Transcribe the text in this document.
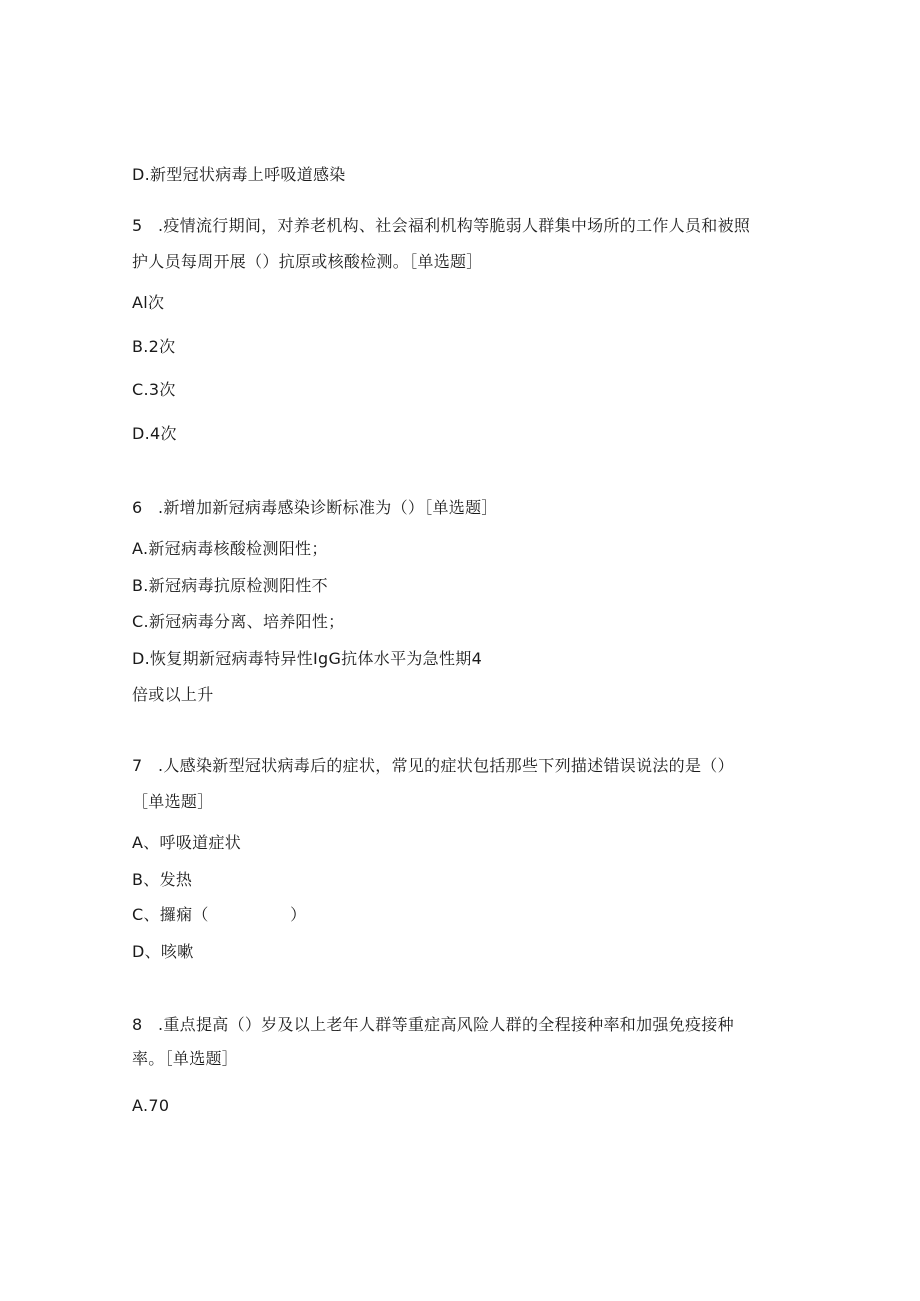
D.新型冠状病毒上呼吸道感染
5 .疫情流行期间，对养老机构、社会福利机构等脆弱人群集中场所的工作人员和被照
护人员每周开展（）抗原或核酸检测。［单选题］
Al次
B.2次
C.3次
D.4次
6 .新增加新冠病毒感染诊断标准为（）［单选题］
A.新冠病毒核酸检测阳性；
B.新冠病毒抗原检测阳性不
C.新冠病毒分离、培养阳性；
D.恢复期新冠病毒特异性IgG抗体水平为急性期4
倍或以上升
7 .人感染新型冠状病毒后的症状，常见的症状包括那些下列描述错误说法的是（）
［单选题］
A、呼吸道症状
B、发热
C、攞痫（　　　　　）
D、咳嗽
8 .重点提高（）岁及以上老年人群等重症高风险人群的全程接种率和加强免疫接种
率。［单选题］
A.70
